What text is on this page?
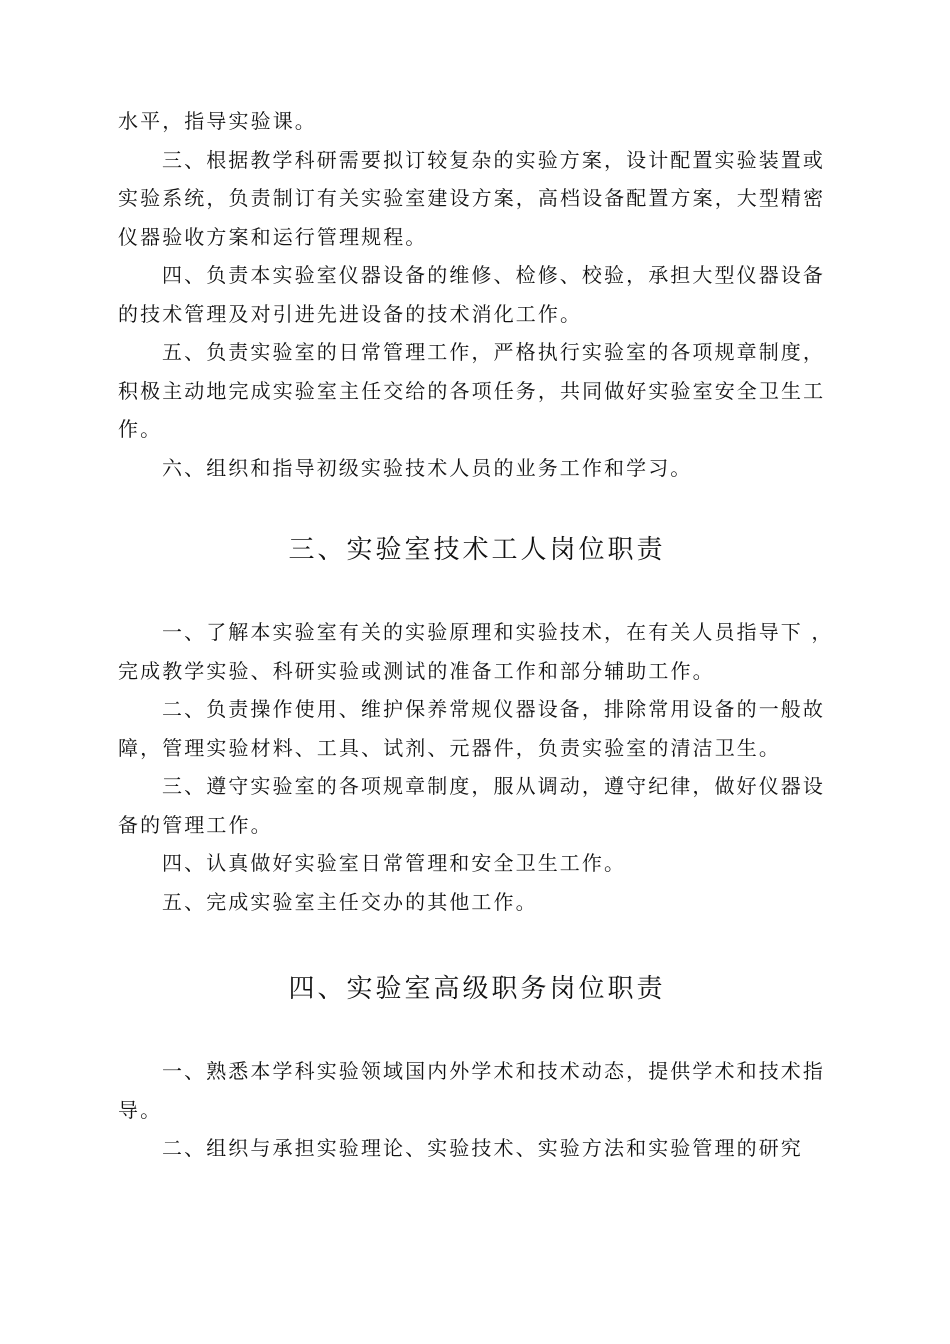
水平，指导实验课。

三、根据教学科研需要拟订较复杂的实验方案，设计配置实验装置或实验系统，负责制订有关实验室建设方案，高档设备配置方案，大型精密仪器验收方案和运行管理规程。

四、负责本实验室仪器设备的维修、检修、校验，承担大型仪器设备的技术管理及对引进先进设备的技术消化工作。

五、负责实验室的日常管理工作，严格执行实验室的各项规章制度，积极主动地完成实验室主任交给的各项任务，共同做好实验室安全卫生工作。

六、组织和指导初级实验技术人员的业务工作和学习。

三、实验室技术工人岗位职责

一、了解本实验室有关的实验原理和实验技术，在有关人员指导下 ，完成教学实验、科研实验或测试的准备工作和部分辅助工作。

二、负责操作使用、维护保养常规仪器设备，排除常用设备的一般故障，管理实验材料、工具、试剂、元器件，负责实验室的清洁卫生。

三、遵守实验室的各项规章制度，服从调动，遵守纪律，做好仪器设备的管理工作。

四、认真做好实验室日常管理和安全卫生工作。

五、完成实验室主任交办的其他工作。

四、实验室高级职务岗位职责

一、熟悉本学科实验领域国内外学术和技术动态，提供学术和技术指导。

二、组织与承担实验理论、实验技术、实验方法和实验管理的研究
